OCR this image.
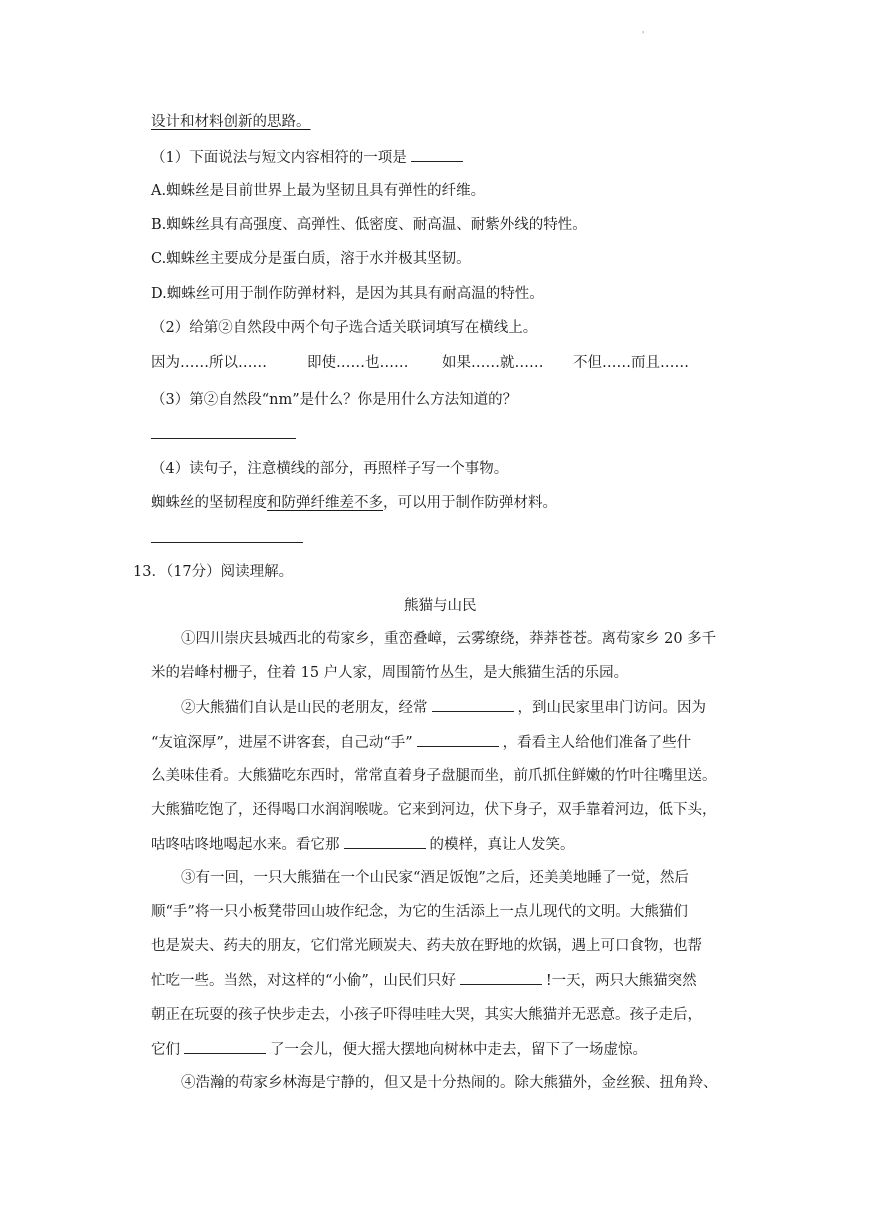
'
设计和材料创新的思路。
（1）下面说法与短文内容相符的一项是
A.蜘蛛丝是目前世界上最为坚韧且具有弹性的纤维。
B.蜘蛛丝具有高强度、高弹性、低密度、耐高温、耐紫外线的特性。
C.蜘蛛丝主要成分是蛋白质，溶于水并极其坚韧。
D.蜘蛛丝可用于制作防弹材料，是因为其具有耐高温的特性。
（2）给第②自然段中两个句子选合适关联词填写在横线上。
因为……所以……	即使……也…… 如果……就…… 不但……而且……
（3）第②自然段“nm”是什么？你是用什么方法知道的？
（4）读句子，注意横线的部分，再照样子写一个事物。
蜘蛛丝的坚韧程度和防弹纤维差不多，可以用于制作防弹材料。
13．（17分）阅读理解。
熊猫与山民
①四川崇庆县城西北的苟家乡，重峦叠嶂，云雾缭绕，莽莽苍苍。离苟家乡 20 多千
米的岩峰村栅子，住着 15 户人家，周围箭竹丛生，是大熊猫生活的乐园。
②大熊猫们自认是山民的老朋友，经常	，到山民家里串门访问。因为
“友谊深厚”，进屋不讲客套，自己动“手”	，看看主人给他们准备了些什
么美味佳肴。大熊猫吃东西时，常常直着身子盘腿而坐，前爪抓住鲜嫩的竹叶往嘴里送。
大熊猫吃饱了，还得喝口水润润喉咙。它来到河边，伏下身子，双手靠着河边，低下头，
咕咚咕咚地喝起水来。看它那	的模样，真让人发笑。
③有一回，一只大熊猫在一个山民家“酒足饭饱”之后，还美美地睡了一觉，然后
顺“手”将一只小板凳带回山坡作纪念，为它的生活添上一点儿现代的文明。大熊猫们
也是炭夫、药夫的朋友，它们常光顾炭夫、药夫放在野地的炊锅，遇上可口食物，也帮
忙吃一些。当然，对这样的“小偷”，山民们只好	!一天，两只大熊猫突然
朝正在玩耍的孩子快步走去，小孩子吓得哇哇大哭，其实大熊猫并无恶意。孩子走后，
它们	了一会儿，便大摇大摆地向树林中走去，留下了一场虚惊。
④浩瀚的苟家乡林海是宁静的，但又是十分热闹的。除大熊猫外，金丝猴、扭角羚、
